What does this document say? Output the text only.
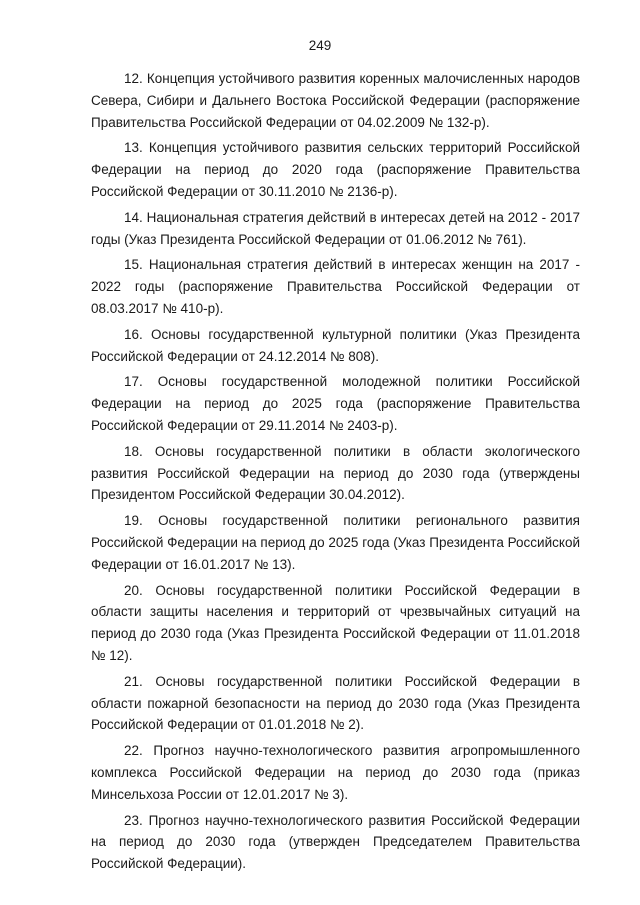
249

12. Концепция устойчивого развития коренных малочисленных народов Севера, Сибири и Дальнего Востока Российской Федерации (распоряжение Правительства Российской Федерации от 04.02.2009 № 132-р).

13. Концепция устойчивого развития сельских территорий Российской Федерации на период до 2020 года (распоряжение Правительства Российской Федерации от 30.11.2010 № 2136-р).

14. Национальная стратегия действий в интересах детей на 2012 - 2017 годы (Указ Президента Российской Федерации от 01.06.2012 № 761).

15. Национальная стратегия действий в интересах женщин на 2017 - 2022 годы (распоряжение Правительства Российской Федерации от 08.03.2017 № 410-р).

16. Основы государственной культурной политики (Указ Президента Российской Федерации от 24.12.2014 № 808).

17. Основы государственной молодежной политики Российской Федерации на период до 2025 года (распоряжение Правительства Российской Федерации от 29.11.2014 № 2403-р).

18. Основы государственной политики в области экологического развития Российской Федерации на период до 2030 года (утверждены Президентом Российской Федерации 30.04.2012).

19. Основы государственной политики регионального развития Российской Федерации на период до 2025 года (Указ Президента Российской Федерации от 16.01.2017 № 13).

20. Основы государственной политики Российской Федерации в области защиты населения и территорий от чрезвычайных ситуаций на период до 2030 года (Указ Президента Российской Федерации от 11.01.2018 № 12).

21. Основы государственной политики Российской Федерации в области пожарной безопасности на период до 2030 года (Указ Президента Российской Федерации от 01.01.2018 № 2).

22. Прогноз научно-технологического развития агропромышленного комплекса Российской Федерации на период до 2030 года (приказ Минсельхоза России от 12.01.2017 № 3).

23. Прогноз научно-технологического развития Российской Федерации на период до 2030 года (утвержден Председателем Правительства Российской Федерации).
